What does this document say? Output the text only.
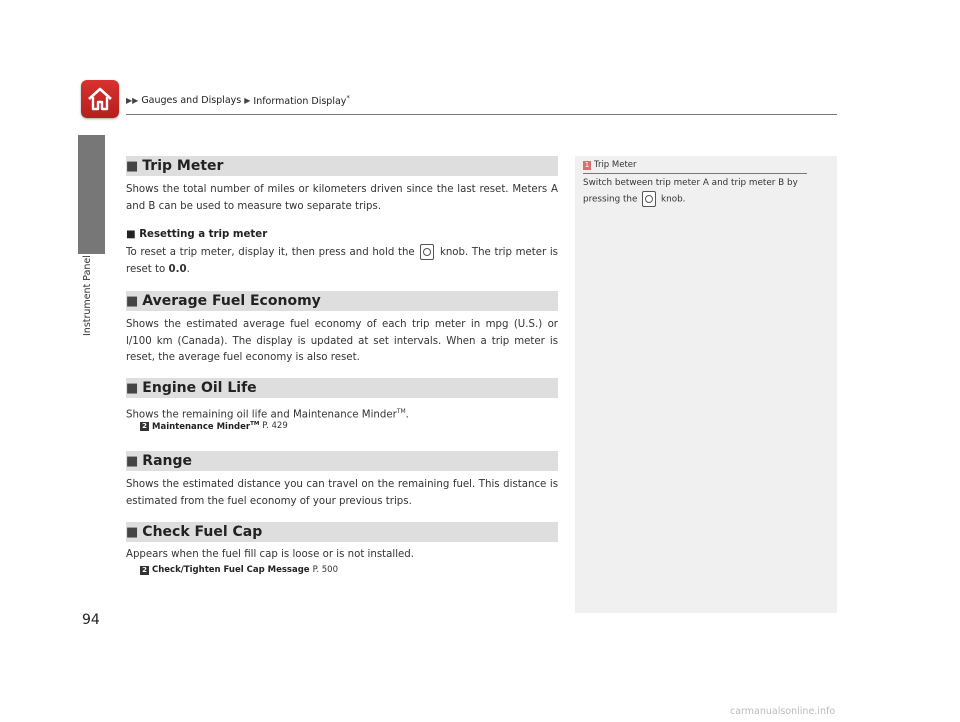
▶▶ Gauges and Displays ▶ Information Display*
Instrument Panel
■ Trip Meter
Shows the total number of miles or kilometers driven since the last reset. Meters A and B can be used to measure two separate trips.
■ Resetting a trip meter
To reset a trip meter, display it, then press and hold the knob. The trip meter is reset to 0.0.
■ Average Fuel Economy
Shows the estimated average fuel economy of each trip meter in mpg (U.S.) or l/100 km (Canada). The display is updated at set intervals. When a trip meter is reset, the average fuel economy is also reset.
■ Engine Oil Life
Shows the remaining oil life and Maintenance Minder™.
2 Maintenance Minder™ P. 429
■ Range
Shows the estimated distance you can travel on the remaining fuel. This distance is estimated from the fuel economy of your previous trips.
■ Check Fuel Cap
Appears when the fuel fill cap is loose or is not installed.
2 Check/Tighten Fuel Cap Message P. 500
1 Trip Meter
Switch between trip meter A and trip meter B by pressing the	knob.
94
carmanualsonline.info
